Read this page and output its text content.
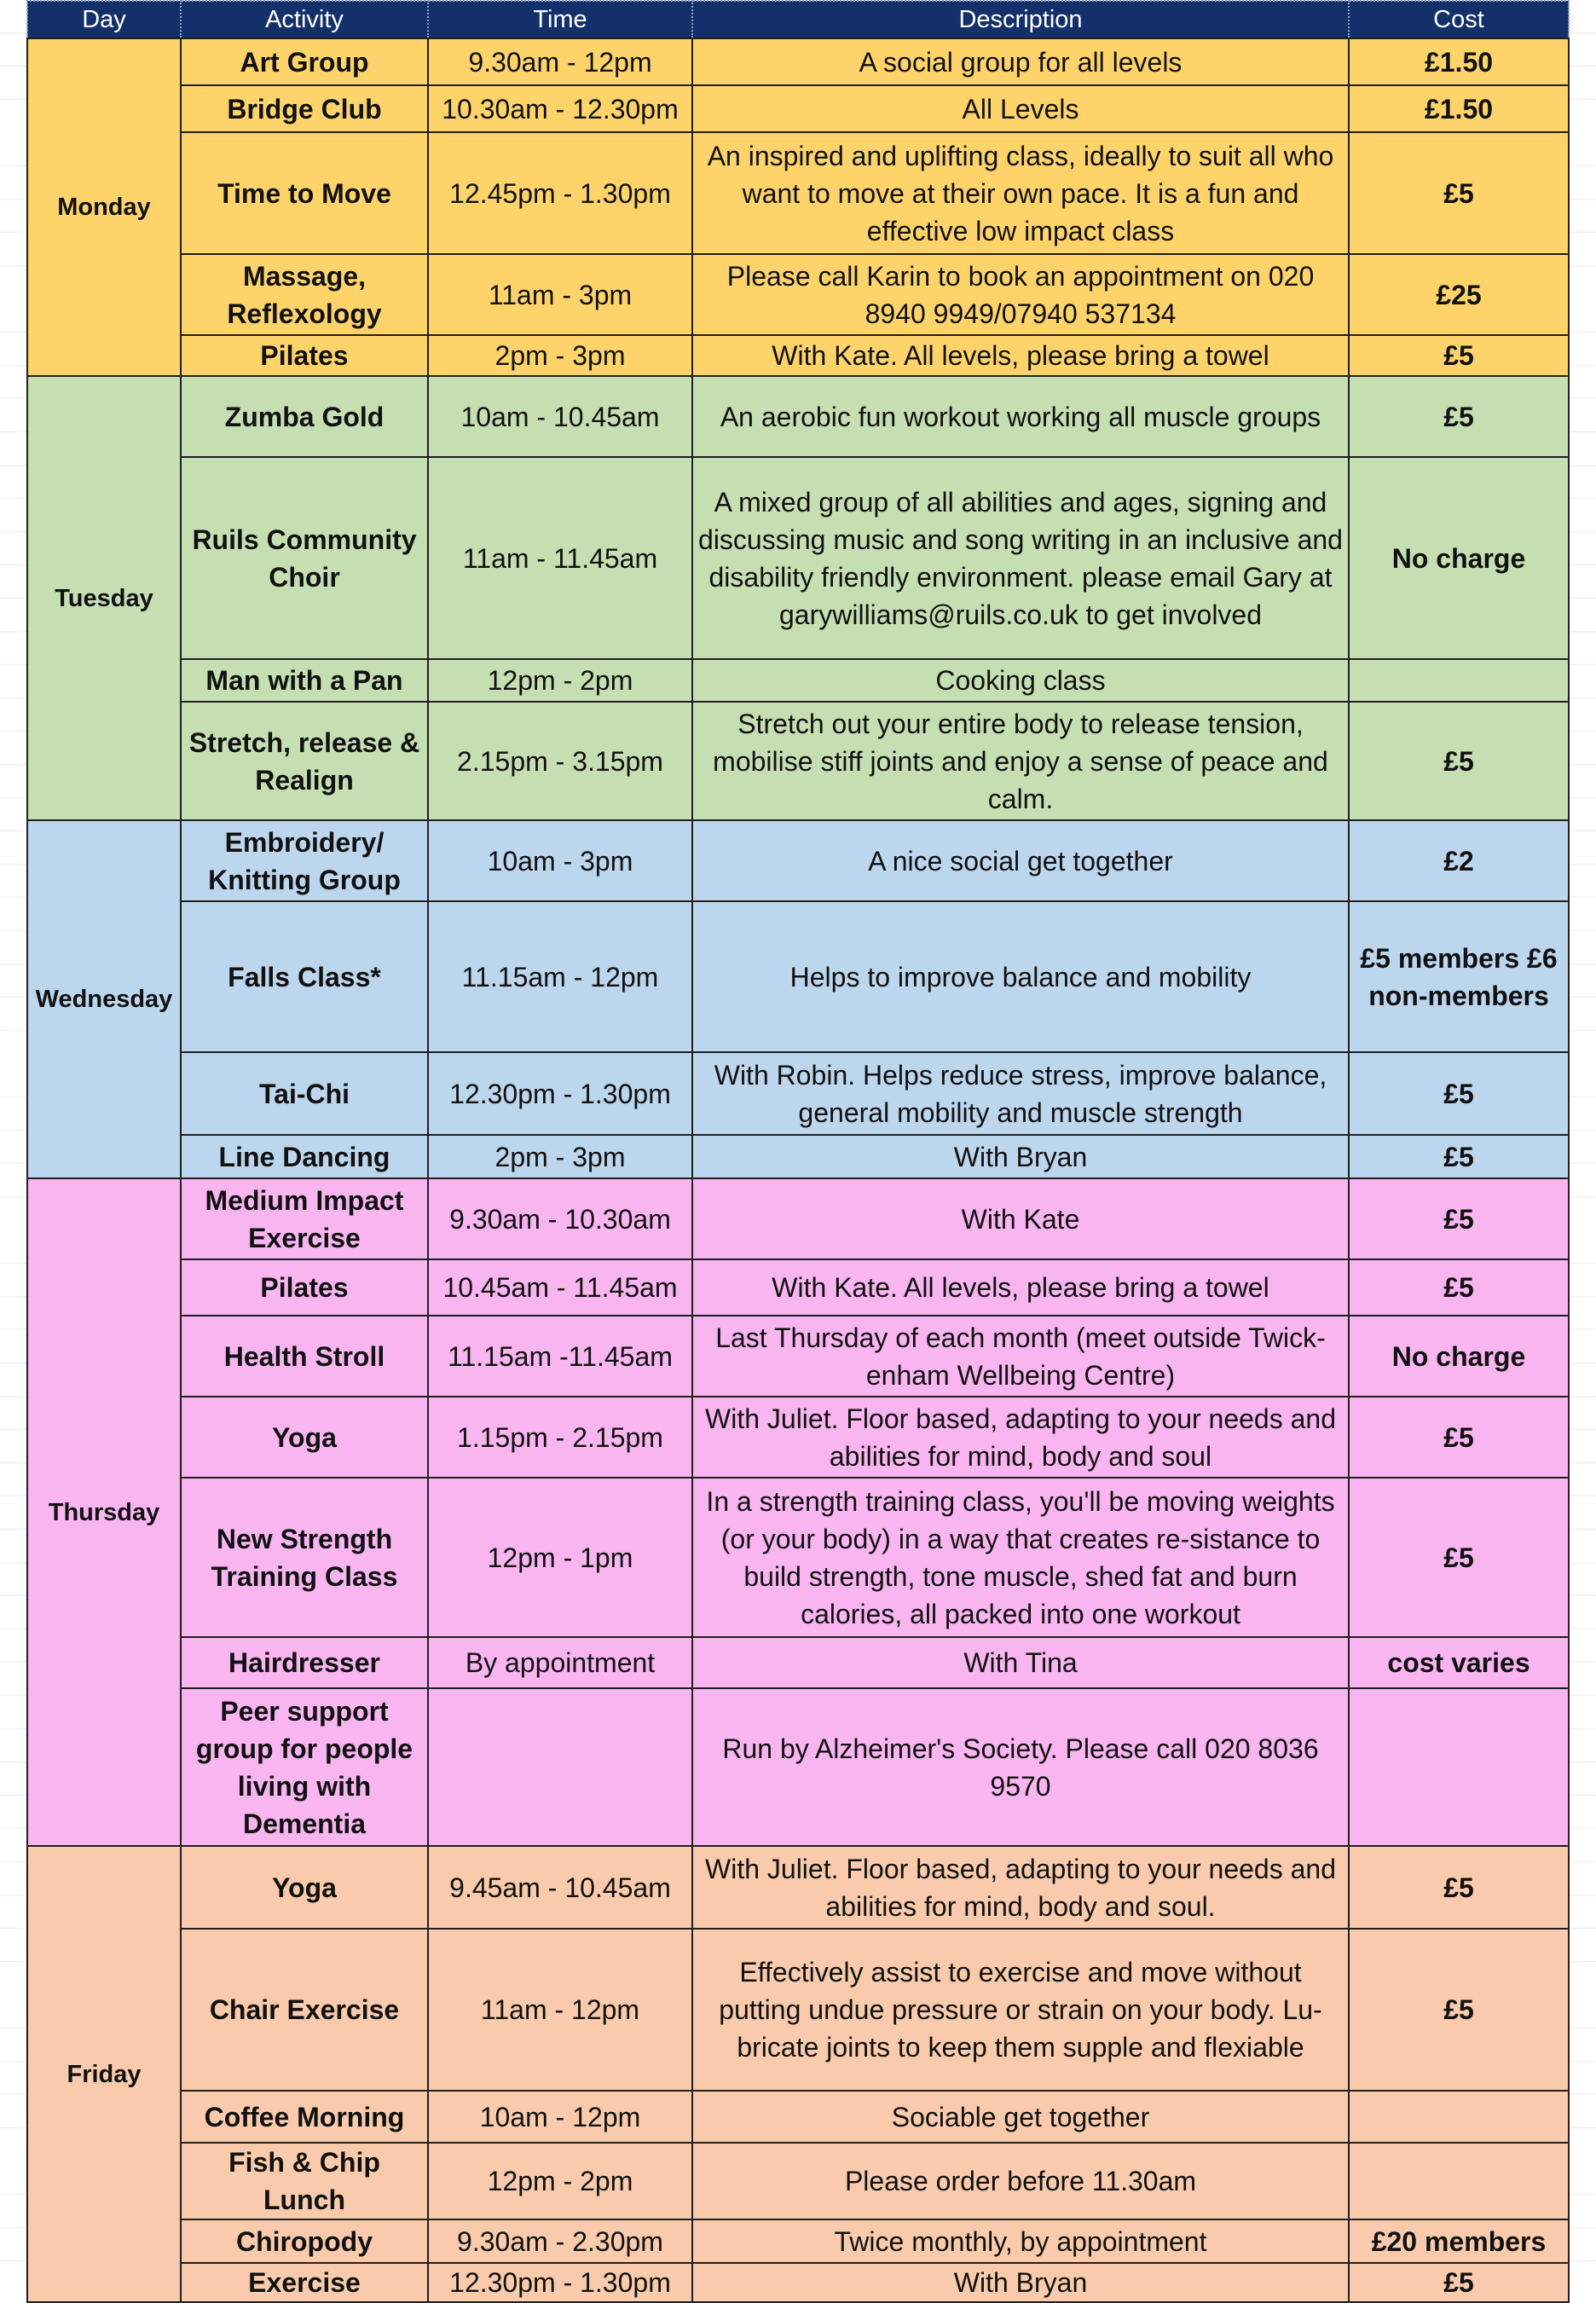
Day	Activity	Time	Description	Cost
Monday	Art Group	9.30am - 12pm	A social group for all levels	£1.50
	Bridge Club	10.30am - 12.30pm	All Levels	£1.50
	Time to Move	12.45pm - 1.30pm	An inspired and uplifting class, ideally to suit all who want to move at their own pace. It is a fun and effective low impact class	£5
	Massage, Reflexology	11am - 3pm	Please call Karin to book an appointment on 020 8940 9949/07940 537134	£25
	Pilates	2pm - 3pm	With Kate. All levels, please bring a towel	£5
Tuesday	Zumba Gold	10am - 10.45am	An aerobic fun workout working all muscle groups	£5
	Ruils Community Choir	11am - 11.45am	A mixed group of all abilities and ages, signing and discussing music and song writing in an inclusive and disability friendly environment. please email Gary at garywilliams@ruils.co.uk to get involved	No charge
	Man with a Pan	12pm - 2pm	Cooking class	
	Stretch, release & Realign	2.15pm - 3.15pm	Stretch out your entire body to release tension, mobilise stiff joints and enjoy a sense of peace and calm.	£5
Wednesday	Embroidery/ Knitting Group	10am - 3pm	A nice social get together	£2
	Falls Class*	11.15am - 12pm	Helps to improve balance and mobility	£5 members £6 non-members
	Tai-Chi	12.30pm - 1.30pm	With Robin. Helps reduce stress, improve balance, general mobility and muscle strength	£5
	Line Dancing	2pm - 3pm	With Bryan	£5
Thursday	Medium Impact Exercise	9.30am - 10.30am	With Kate	£5
	Pilates	10.45am - 11.45am	With Kate. All levels, please bring a towel	£5
	Health Stroll	11.15am -11.45am	Last Thursday of each month (meet outside Twick-enham Wellbeing Centre)	No charge
	Yoga	1.15pm - 2.15pm	With Juliet. Floor based, adapting to your needs and abilities for mind, body and soul	£5
	New Strength Training Class	12pm - 1pm	In a strength training class, you'll be moving weights (or your body) in a way that creates re-sistance to build strength, tone muscle, shed fat and burn calories, all packed into one workout	£5
	Hairdresser	By appointment	With Tina	cost varies
	Peer support group for people living with Dementia		Run by Alzheimer's Society. Please call 020 8036 9570	
Friday	Yoga	9.45am - 10.45am	With Juliet. Floor based, adapting to your needs and abilities for mind, body and soul.	£5
	Chair Exercise	11am - 12pm	Effectively assist to exercise and move without putting undue pressure or strain on your body. Lu-bricate joints to keep them supple and flexiable	£5
	Coffee Morning	10am - 12pm	Sociable get together	
	Fish & Chip Lunch	12pm - 2pm	Please order before 11.30am	
	Chiropody	9.30am - 2.30pm	Twice monthly, by appointment	£20 members
	Exercise	12.30pm - 1.30pm	With Bryan	£5
